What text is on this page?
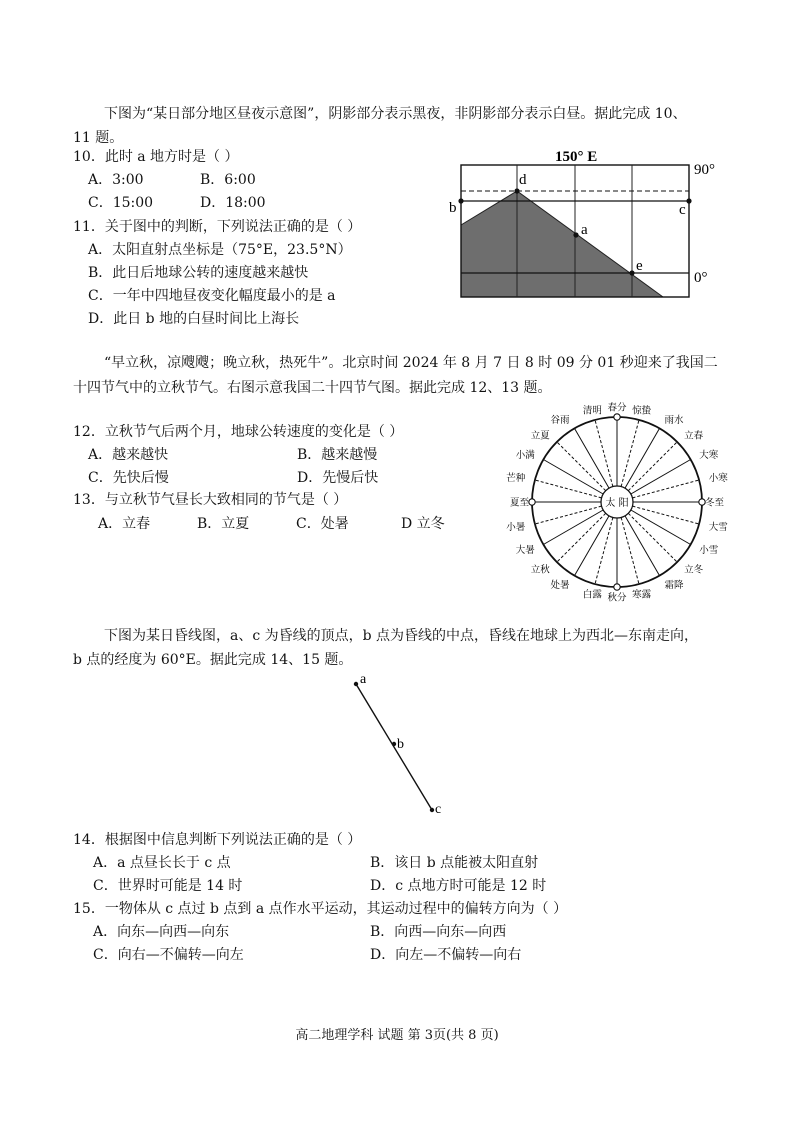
下图为“某日部分地区昼夜示意图”，阴影部分表示黑夜，非阴影部分表示白昼。据此完成 10、
11 题。
10．此时 a 地方时是（ ）
A．3:00	B．6:00
C．15:00	D．18:00
11．关于图中的判断，下列说法正确的是（ ）
A．太阳直射点坐标是（75°E，23.5°N）
B．此日后地球公转的速度越来越快
C．一年中四地昼夜变化幅度最小的是 a
D．此日 b 地的白昼时间比上海长
150° E
90°
0°
b	c
d
a
e
“早立秋，凉飕飕；晚立秋，热死牛”。北京时间 2024 年 8 月 7 日 8 时 09 分 01 秒迎来了我国二
十四节气中的立秋节气。右图示意我国二十四节气图。据此完成 12、13 题。
12．立秋节气后两个月，地球公转速度的变化是（ ）
A．越来越快	B．越来越慢
C．先快后慢	D．先慢后快
13．与立秋节气昼长大致相同的节气是（ ）
A．立春	B．立夏	C．处暑	D 立冬
太 阳
春分 惊蛰
雨水
立春
大寒
小寒
冬至
大雪
小雪
立冬
霜降
寒露
秋分
白露
处暑
立秋
大暑
小暑
夏至
芒种
小满
立夏
谷雨
清明
下图为某日昏线图，a、c 为昏线的顶点，b 点为昏线的中点，昏线在地球上为西北—东南走向，
b 点的经度为 60°E。据此完成 14、15 题。
a
b
c
14．根据图中信息判断下列说法正确的是（ ）
A．a 点昼长长于 c 点	B．该日 b 点能被太阳直射
C．世界时可能是 14 时	D．c 点地方时可能是 12 时
15．一物体从 c 点过 b 点到 a 点作水平运动，其运动过程中的偏转方向为（ ）
A．向东—向西—向东	B．向西—向东—向西
C．向右—不偏转—向左	D．向左—不偏转—向右
高二地理学科 试题 第 3页(共 8 页)
